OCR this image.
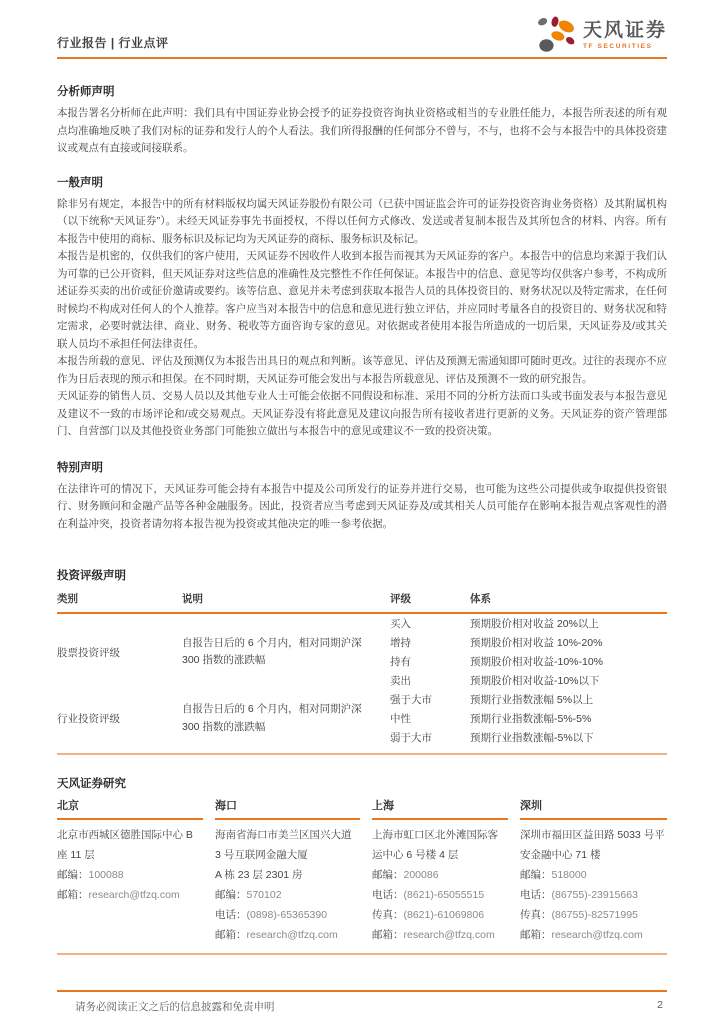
行业报告 | 行业点评
天风证券
TF SECURITIES
分析师声明

本报告署名分析师在此声明：我们具有中国证券业协会授予的证券投资咨询执业资格或相当的专业胜任能力，本报告所表述的所有观点均准确地反映了我们对标的证券和发行人的个人看法。我们所得报酬的任何部分不曾与，不与，也将不会与本报告中的具体投资建议或观点有直接或间接联系。

一般声明

除非另有规定，本报告中的所有材料版权均属天风证券股份有限公司（已获中国证监会许可的证券投资咨询业务资格）及其附属机构（以下统称“天风证券”）。未经天风证券事先书面授权，不得以任何方式修改、发送或者复制本报告及其所包含的材料、内容。所有本报告中使用的商标、服务标识及标记均为天风证券的商标、服务标识及标记。

本报告是机密的，仅供我们的客户使用，天风证券不因收件人收到本报告而视其为天风证券的客户。本报告中的信息均来源于我们认为可靠的已公开资料，但天风证券对这些信息的准确性及完整性不作任何保证。本报告中的信息、意见等均仅供客户参考，不构成所述证券买卖的出价或征价邀请或要约。该等信息、意见并未考虑到获取本报告人员的具体投资目的、财务状况以及特定需求，在任何时候均不构成对任何人的个人推荐。客户应当对本报告中的信息和意见进行独立评估，并应同时考量各自的投资目的、财务状况和特定需求，必要时就法律、商业、财务、税收等方面咨询专家的意见。对依据或者使用本报告所造成的一切后果，天风证券及/或其关联人员均不承担任何法律责任。

本报告所载的意见、评估及预测仅为本报告出具日的观点和判断。该等意见、评估及预测无需通知即可随时更改。过往的表现亦不应作为日后表现的预示和担保。在不同时期，天风证券可能会发出与本报告所载意见、评估及预测不一致的研究报告。

天风证券的销售人员、交易人员以及其他专业人士可能会依据不同假设和标准、采用不同的分析方法而口头或书面发表与本报告意见及建议不一致的市场评论和/或交易观点。天风证券没有将此意见及建议向报告所有接收者进行更新的义务。天风证券的资产管理部门、自营部门以及其他投资业务部门可能独立做出与本报告中的意见或建议不一致的投资决策。

特别声明

在法律许可的情况下，天风证券可能会持有本报告中提及公司所发行的证券并进行交易，也可能为这些公司提供或争取提供投资银行、财务顾问和金融产品等各种金融服务。因此，投资者应当考虑到天风证券及/或其相关人员可能存在影响本报告观点客观性的潜在利益冲突，投资者请勿将本报告视为投资或其他决定的唯一参考依据。

投资评级声明
类别	说明	评级	体系
股票投资评级
自报告日后的 6 个月内，相对同期沪深 300 指数的涨跌幅
买入	预期股价相对收益 20%以上
增持	预期股价相对收益 10%-20%
持有	预期股价相对收益-10%-10%
卖出	预期股价相对收益-10%以下
行业投资评级
自报告日后的 6 个月内，相对同期沪深 300 指数的涨跌幅
强于大市	预期行业指数涨幅 5%以上
中性	预期行业指数涨幅-5%-5%
弱于大市	预期行业指数涨幅-5%以下
天风证券研究
北京
北京市西城区德胜国际中心 B 座 11 层
邮编：100088
邮箱：research@tfzq.com
海口
海南省海口市美兰区国兴大道 3 号互联网金融大厦
A 栋 23 层 2301 房
邮编：570102
电话：(0898)-65365390
邮箱：research@tfzq.com
上海
上海市虹口区北外滩国际客运中心 6 号楼 4 层
邮编：200086
电话：(8621)-65055515
传真：(8621)-61069806
邮箱：research@tfzq.com
深圳
深圳市福田区益田路 5033 号平安金融中心 71 楼
邮编：518000
电话：(86755)-23915663
传真：(86755)-82571995
邮箱：research@tfzq.com
请务必阅读正文之后的信息披露和免责申明	2
